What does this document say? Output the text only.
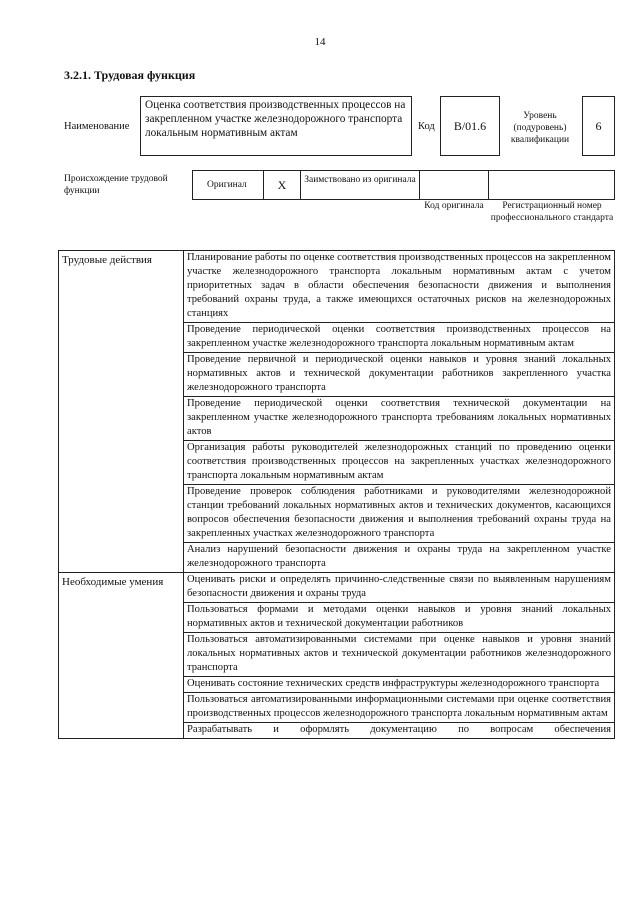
14
3.2.1. Трудовая функция
Наименование
Оценка соответствия производственных процессов на закрепленном участке железнодорожного транспорта локальным нормативным актам
Код B/01.6
Уровень (подуровень) квалификации
6
Происхождение трудовой функции
Оригинал	X	Заимствовано из оригинала
Код оригинала	Регистрационный номер профессионального стандарта
Трудовые действия	Планирование работы по оценке соответствия производственных процессов на закрепленном участке железнодорожного транспорта локальным нормативным актам с учетом приоритетных задач в области обеспечения безопасности движения и выполнения требований охраны труда, а также имеющихся остаточных рисков на железнодорожных станциях
	Проведение периодической оценки соответствия производственных процессов на закрепленном участке железнодорожного транспорта локальным нормативным актам
	Проведение первичной и периодической оценки навыков и уровня знаний локальных нормативных актов и технической документации работников закрепленного участка железнодорожного транспорта
	Проведение периодической оценки соответствия технической документации на закрепленном участке железнодорожного транспорта требованиям локальных нормативных актов
	Организация работы руководителей железнодорожных станций по проведению оценки соответствия производственных процессов на закрепленных участках железнодорожного транспорта локальным нормативным актам
	Проведение проверок соблюдения работниками и руководителями железнодорожной станции требований локальных нормативных актов и технических документов, касающихся вопросов обеспечения безопасности движения и выполнения требований охраны труда на закрепленных участках железнодорожного транспорта
	Анализ нарушений безопасности движения и охраны труда на закрепленном участке железнодорожного транспорта
Необходимые умения	Оценивать риски и определять причинно-следственные связи по выявленным нарушениям безопасности движения и охраны труда
	Пользоваться формами и методами оценки навыков и уровня знаний локальных нормативных актов и технической документации работников
	Пользоваться автоматизированными системами при оценке навыков и уровня знаний локальных нормативных актов и технической документации работников железнодорожного транспорта
	Оценивать состояние технических средств инфраструктуры железнодорожного транспорта
	Пользоваться автоматизированными информационными системами при оценке соответствия производственных процессов железнодорожного транспорта локальным нормативным актам
	Разрабатывать и оформлять документацию по вопросам обеспечения
